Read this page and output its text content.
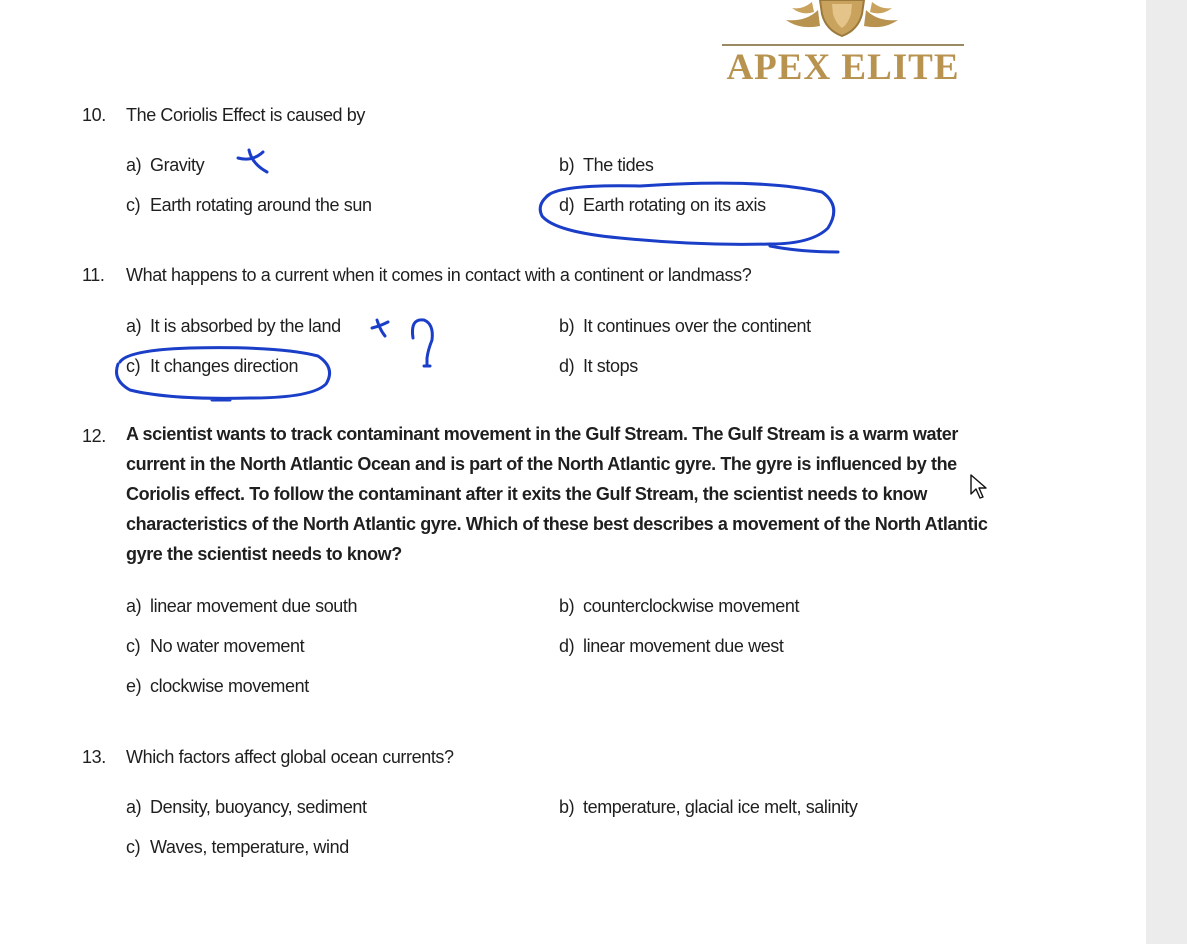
APEX ELITE
10. The Coriolis Effect is caused by
a) Gravity	b) The tides
c) Earth rotating around the sun	d) Earth rotating on its axis
11. What happens to a current when it comes in contact with a continent or landmass?
a) It is absorbed by the land	b) It continues over the continent
c) It changes direction	d) It stops
12. A scientist wants to track contaminant movement in the Gulf Stream. The Gulf Stream is a warm water current in the North Atlantic Ocean and is part of the North Atlantic gyre. The gyre is influenced by the Coriolis effect. To follow the contaminant after it exits the Gulf Stream, the scientist needs to know characteristics of the North Atlantic gyre. Which of these best describes a movement of the North Atlantic gyre the scientist needs to know?
a) linear movement due south	b) counterclockwise movement
c) No water movement	d) linear movement due west
e) clockwise movement
13. Which factors affect global ocean currents?
a) Density, buoyancy, sediment	b) temperature, glacial ice melt, salinity
c) Waves, temperature, wind
